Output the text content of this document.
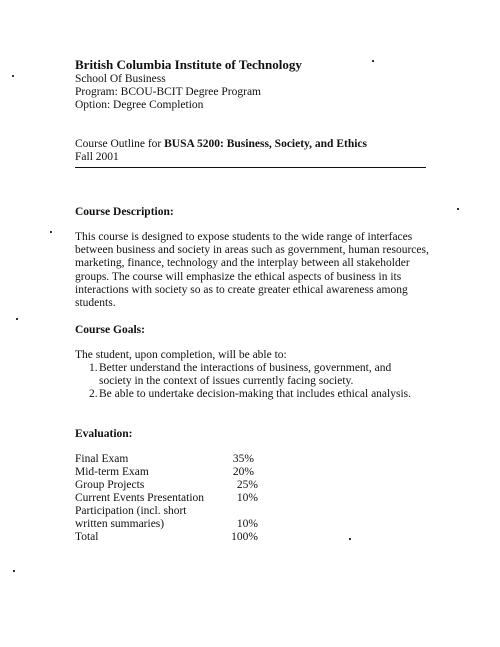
British Columbia Institute of Technology
School Of Business
Program: BCOU-BCIT Degree Program
Option: Degree Completion
Course Outline for BUSA 5200: Business, Society, and Ethics
Fall 2001
Course Description:
This course is designed to expose students to the wide range of interfaces
between business and society in areas such as government, human resources,
marketing, finance, technology and the interplay between all stakeholder
groups. The course will emphasize the ethical aspects of business in its
interactions with society so as to create greater ethical awareness among
students.
Course Goals:
The student, upon completion, will be able to:
1. Better understand the interactions of business, government, and
society in the context of issues currently facing society.
2. Be able to undertake decision-making that includes ethical analysis.
Evaluation:
Final Exam	35%
Mid-term Exam	20%
Group Projects	25%
Current Events Presentation	10%
Participation (incl. short
written summaries)	10%
Total	100%
